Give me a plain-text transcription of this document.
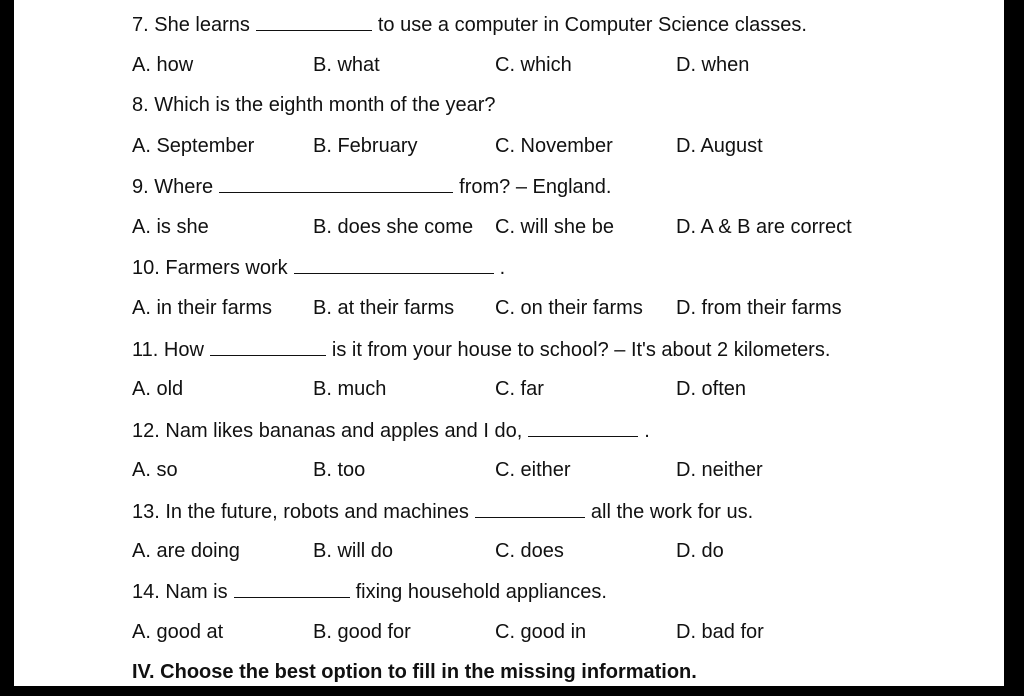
7. She learns	to use a computer in Computer Science classes.
A. how	B. what	C. which	D. when
8. Which is the eighth month of the year?
A. September	B. February	C. November	D. August
9. Where	from? – England.
A. is she	B. does she come C. will she be	D. A & B are correct
10. Farmers work	.
A. in their farms B. at their farms C. on their farms D. from their farms
11. How	is it from your house to school? – It's about 2 kilometers.
A. old	B. much	C. far	D. often
12. Nam likes bananas and apples and I do,	.
A. so	B. too	C. either	D. neither
13. In the future, robots and machines	all the work for us.
A. are doing	B. will do	C. does	D. do
14. Nam is	fixing household appliances.
A. good at	B. good for	C. good in	D. bad for
IV. Choose the best option to fill in the missing information.
